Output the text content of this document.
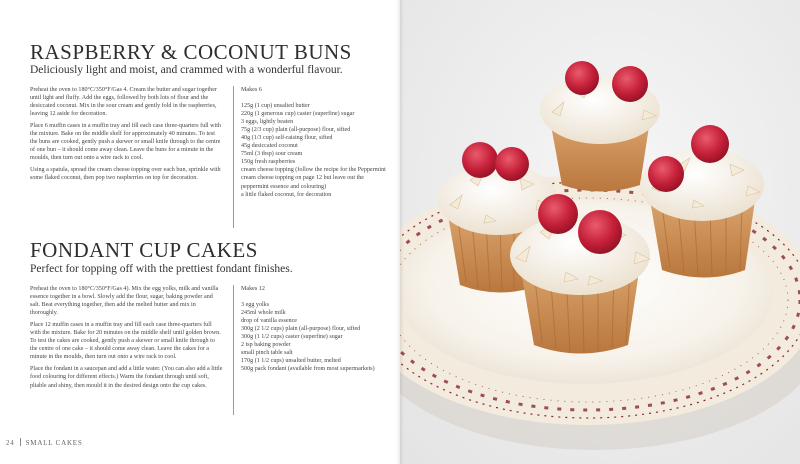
RASPBERRY & COCONUT BUNS
Deliciously light and moist, and crammed with a wonderful flavour.

Preheat the oven to 180°C/350°F/Gas 4. Cream the butter and sugar together until light and fluffy. Add the eggs, followed by both lots of flour and the desiccated coconut. Mix in the sour cream and gently fold in the raspberries, leaving 12 aside for decoration.

Place 6 muffin cases in a muffin tray and fill each case three-quarters full with the mixture. Bake on the middle shelf for approximately 40 minutes. To test the buns are cooked, gently push a skewer or small knife through to the centre of one bun – it should come away clean. Leave the buns for a minute in the moulds, then turn out onto a wire rack to cool.

Using a spatula, spread the cream cheese topping over each bun, sprinkle with some flaked coconut, then pop two raspberries on top for decoration.

Makes 6
125g (1 cup) unsalted butter
220g (1 generous cup) caster (superfine) sugar
3 eggs, lightly beaten
75g (2/3 cup) plain (all-purpose) flour, sifted
40g (1/3 cup) self-raising flour, sifted
45g desiccated coconut
75ml (3 tbsp) sour cream
150g fresh raspberries
cream cheese topping (follow the recipe for the Peppermint cream cheese topping on page 12 but leave out the peppermint essence and colouring)
a little flaked coconut, for decoration
FONDANT CUP CAKES
Perfect for topping off with the prettiest fondant finishes.

Preheat the oven to 180°C/350°F/Gas 4). Mix the egg yolks, milk and vanilla essence together in a bowl. Slowly add the flour, sugar, baking powder and salt. Beat everything together, then add the melted butter and mix in thoroughly.

Place 12 muffin cases in a muffin tray and fill each case three-quarters full with the mixture. Bake for 20 minutes on the middle shelf until golden brown. To test the cakes are cooked, gently push a skewer or small knife through to the centre of one cake – it should come away clean. Leave the cakes for a minute in the moulds, then turn out onto a wire rack to cool.

Place the fondant in a saucepan and add a little water. (You can also add a little food colouring for different effects.) Warm the fondant through until soft, pliable and shiny, then mould it in the desired design onto the cup cakes.

Makes 12
3 egg yolks
245ml whole milk
drop of vanilla essence
300g (2 1/2 cups) plain (all-purpose) flour, sifted
300g (1 1/2 cups) caster (superfine) sugar
2 tsp baking powder
small pinch table salt
170g (1 1/2 cups) unsalted butter, melted
500g pack fondant (available from most supermarkets)
24 SMALL CAKES
